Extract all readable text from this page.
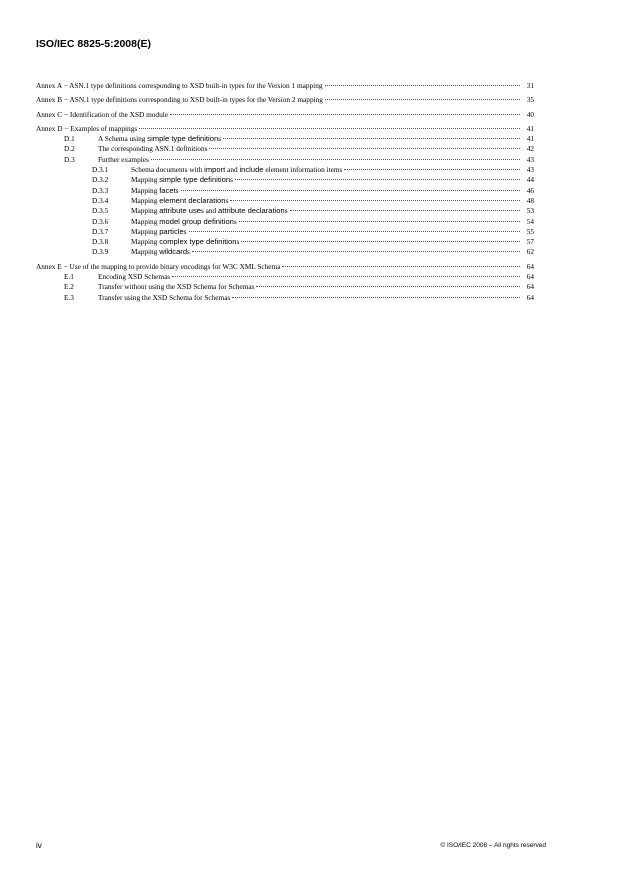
ISO/IEC 8825-5:2008(E)
Annex A − ASN.1 type definitions corresponding to XSD built-in types for the Version 1 mapping	31
Annex B − ASN.1 type definitions corresponding to XSD built-in types for the Version 2 mapping	35
Annex C − Identification of the XSD module	40
Annex D − Examples of mappings	41
D.1	A Schema using simple type definitions	41
D.2	The corresponding ASN.1 definitions	42
D.3	Further examples	43
D.3.1	Schema documents with import and include element information items	43
D.3.2	Mapping simple type definitions	44
D.3.3	Mapping facets	46
D.3.4	Mapping element declarations	48
D.3.5	Mapping attribute uses and attribute declarations	53
D.3.6	Mapping model group definitions	54
D.3.7	Mapping particles	55
D.3.8	Mapping complex type definitions	57
D.3.9	Mapping wildcards	62
Annex E − Use of the mapping to provide binary encodings for W3C XML Schema	64
E.1	Encoding XSD Schemas	64
E.2	Transfer without using the XSD Schema for Schemas	64
E.3	Transfer using the XSD Schema for Schemas	64
iv	© ISO/IEC 2008 – All rights reserved
